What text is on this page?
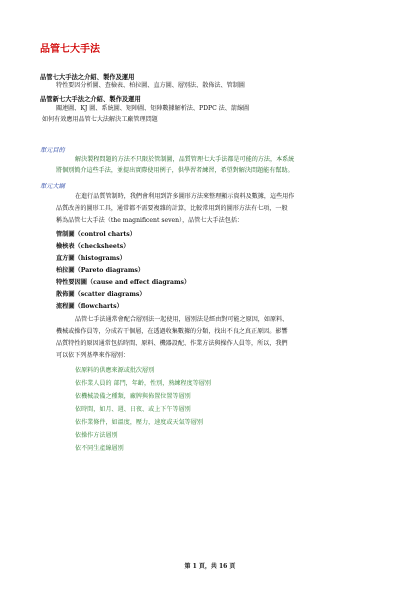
品管七大手法
品管七大手法之介紹、製作及運用
特性要因分析圖、查檢表、柏拉圖、直方圖、層別法、散佈法、管制圖
品管新七大手法之介紹、製作及運用
關連圖、KJ 圖、系統圖、矩陣圖、矩陣數據解析法、PDPC 法、箭線圖
如何有效應用品管七大法解決工廠管理問題
單元目的
解決製程問題的方法不只限於管制圖，品質管理七大手法都是可能的方法，本系統
將個別簡介這些手法，並提出實際使用例子，供學習者練習，希望對解決問題能有幫助。
單元大綱
在進行品質管制時，我們會利用到許多圖形方法來整理顯示資料及數據，這些用作
品質改善的圖形工具，通常都不需要複雜的計算，比較常用到的圖形方法有七項，一般
稱為品管七大手法（the magnificent seven），品管七大手法包括：
管制圖（control charts）
檢核表（checksheets）
直方圖（histograms）
柏拉圖（Pareto diagrams）
特性要因圖（cause and effect diagrams）
散佈圖（scatter diagrams）
流程圖（flowcharts）
品管七手法通常會配合層別法一起使用，層別法是經由對可能之原因，如原料、
機械或操作員等，分成若干個層，在透過收集數據的分類，找出不良之真正原因。影響
品質特性的原因通常包括時間、原料、機器設配、作業方法與操作人員等，所以，我們
可以依下列基準來作層別：
依原料的供應來源或批次層別
依作業人員的 部門，年齡，性別，熟練程度等層別
依機械設備之種類，廠牌與佈置位置等層別
依時間，如月、週、日夜、或上下午等層別
依作業條件，如溫度，壓力，速度或天氣等層別
依操作方法層別
依不同生產線層別
第 1 頁，共 16 頁
